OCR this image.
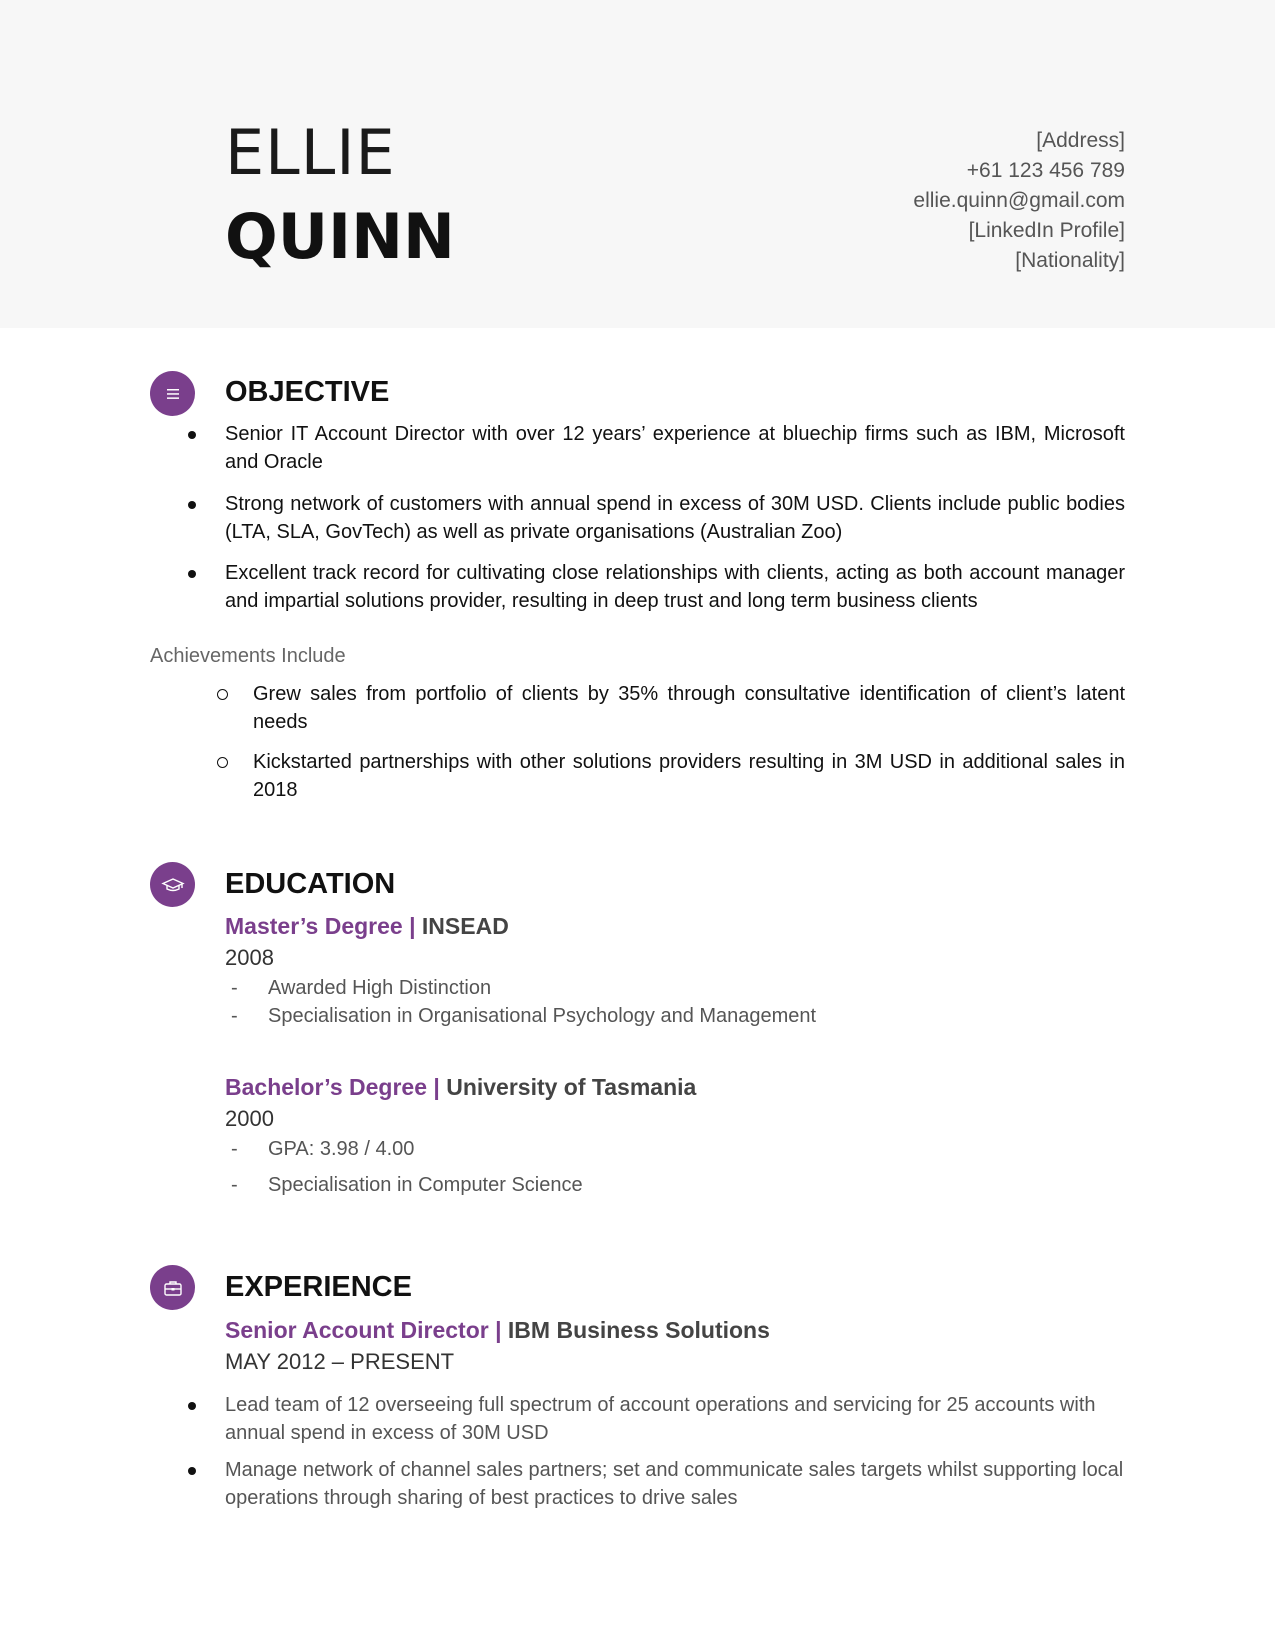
ELLIE
QUINN
[Address]
+61 123 456 789
ellie.quinn@gmail.com
[LinkedIn Profile]
[Nationality]
OBJECTIVE
Senior IT Account Director with over 12 years’ experience at bluechip firms such as IBM, Microsoft and Oracle
Strong network of customers with annual spend in excess of 30M USD. Clients include public bodies (LTA, SLA, GovTech) as well as private organisations (Australian Zoo)
Excellent track record for cultivating close relationships with clients, acting as both account manager and impartial solutions provider, resulting in deep trust and long term business clients
Achievements Include
Grew sales from portfolio of clients by 35% through consultative identification of client’s latent needs
Kickstarted partnerships with other solutions providers resulting in 3M USD in additional sales in 2018
EDUCATION
Master’s Degree | INSEAD
2008
- Awarded High Distinction
- Specialisation in Organisational Psychology and Management
Bachelor’s Degree | University of Tasmania
2000
- GPA: 3.98 / 4.00
- Specialisation in Computer Science
EXPERIENCE
Senior Account Director | IBM Business Solutions
MAY 2012 – PRESENT
Lead team of 12 overseeing full spectrum of account operations and servicing for 25 accounts with annual spend in excess of 30M USD
Manage network of channel sales partners; set and communicate sales targets whilst supporting local operations through sharing of best practices to drive sales
